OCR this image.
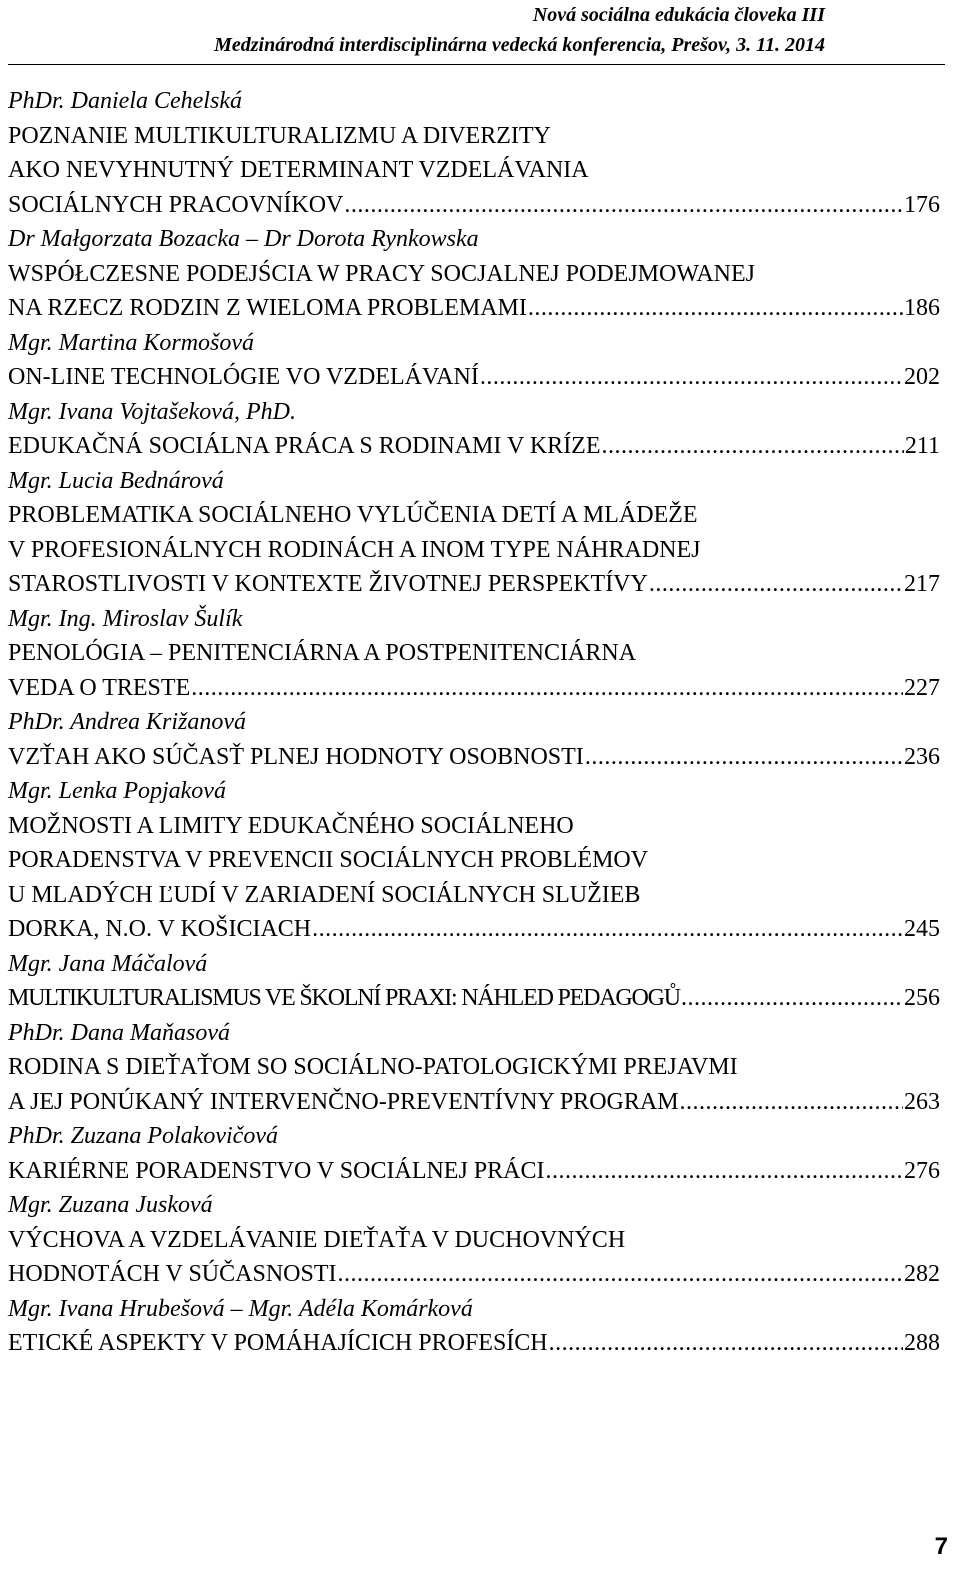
Nová sociálna edukácia človeka III
Medzinárodná interdisciplinárna vedecká konferencia, Prešov, 3. 11. 2014
PhDr. Daniela Cehelská
POZNANIE MULTIKULTURALIZMU A DIVERZITY
AKO NEVYHNUTNÝ DETERMINANT VZDELÁVANIA
SOCIÁLNYCH PRACOVNÍKOV .....	176
Dr Małgorzata Bozacka – Dr Dorota Rynkowska
WSPÓŁCZESNE PODEJŚCIA W PRACY SOCJALNEJ PODEJMOWANEJ
NA RZECZ RODZIN Z WIELOMA PROBLEMAMI .....	186
Mgr. Martina Kormošová
ON-LINE TECHNOLÓGIE VO VZDELÁVANÍ .....	202
Mgr. Ivana Vojtašeková, PhD.
EDUKAČNÁ SOCIÁLNA PRÁCA S RODINAMI V KRÍZE .....	211
Mgr. Lucia Bednárová
PROBLEMATIKA SOCIÁLNEHO VYLÚČENIA DETÍ A MLÁDEŽE
V PROFESIONÁLNYCH RODINÁCH A INOM TYPE NÁHRADNEJ
STAROSTLIVOSTI V KONTEXTE ŽIVOTNEJ PERSPEKTÍVY .....	217
Mgr. Ing. Miroslav Šulík
PENOLÓGIA – PENITENCIÁRNA A POSTPENITENCIÁRNA
VEDA O TRESTE .....	227
PhDr. Andrea Križanová
VZŤAH AKO SÚČASŤ PLNEJ HODNOTY OSOBNOSTI .....	236
Mgr. Lenka Popjaková
MOŽNOSTI A LIMITY EDUKAČNÉHO SOCIÁLNEHO
PORADENSTVA V PREVENCII SOCIÁLNYCH PROBLÉMOV
U MLADÝCH ĽUDÍ V ZARIADENÍ SOCIÁLNYCH SLUŽIEB
DORKA, N.O. V KOŠICIACH .....	245
Mgr. Jana Máčalová
MULTIKULTURALISMUS VE ŠKOLNÍ PRAXI: NÁHLED PEDAGOGŮ .....	256
PhDr. Dana Maňasová
RODINA S DIEŤAŤOM SO SOCIÁLNO-PATOLOGICKÝMI PREJAVMI
A JEJ PONÚKANÝ INTERVENČNO-PREVENTÍVNY PROGRAM .....	263
PhDr. Zuzana Polakovičová
KARIÉRNE PORADENSTVO V SOCIÁLNEJ PRÁCI .....	276
Mgr. Zuzana Jusková
VÝCHOVA A VZDELÁVANIE DIEŤAŤA V DUCHOVNÝCH
HODNOTÁCH V SÚČASNOSTI .....	282
Mgr. Ivana Hrubešová – Mgr. Adéla Komárková
ETICKÉ ASPEKTY V POMÁHAJÍCICH PROFESÍCH .....	288
7
